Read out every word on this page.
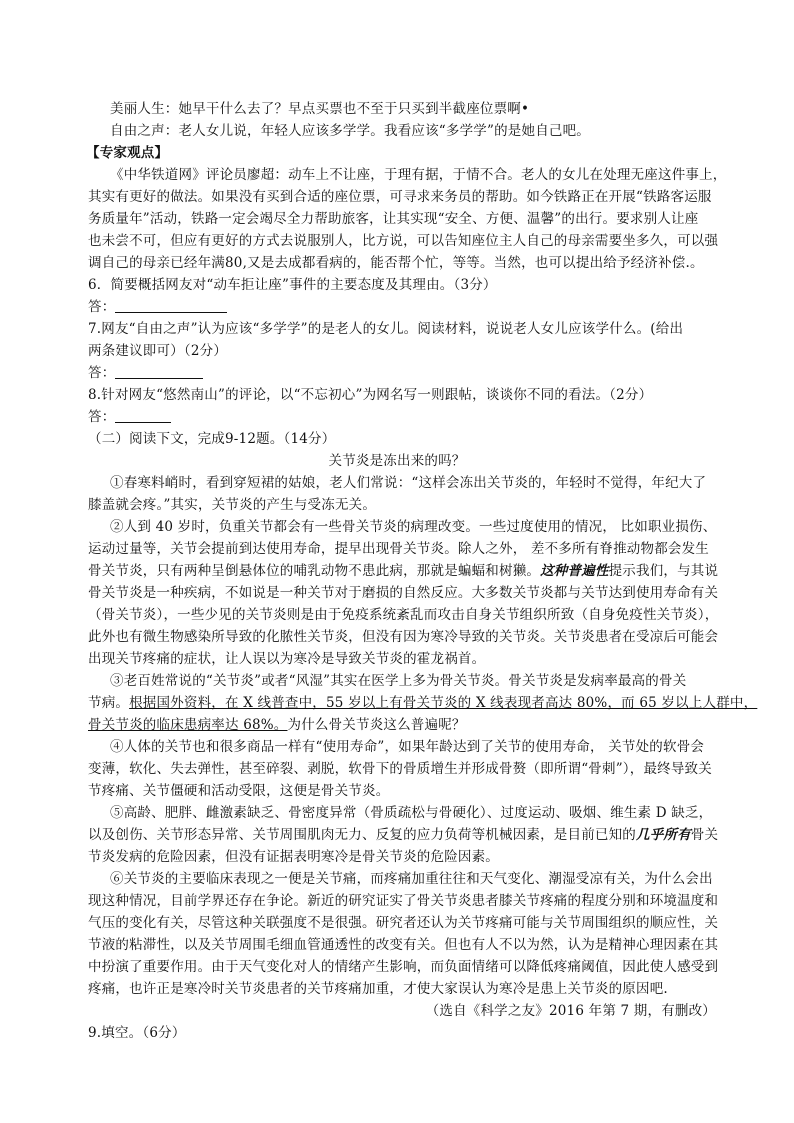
美丽人生：她早干什么去了？早点买票也不至于只买到半截座位票啊•
自由之声：老人女儿说，年轻人应该多学学。我看应该“多学学”的是她自己吧。
【专家观点】
《中华铁道网》评论员廖超：动车上不让座，于理有据，于情不合。老人的女儿在处理无座这件事上，
其实有更好的做法。如果没有买到合适的座位票，可寻求来务员的帮助。如今铁路正在开展“铁路客运服
务质量年”活动，铁路一定会竭尽全力帮助旅客，让其实现“安全、方便、温馨”的出行。要求别人让座
也未尝不可，但应有更好的方式去说服别人，比方说，可以告知座位主人自己的母亲需要坐多久，可以强
调自己的母亲已经年满80,又是去成都看病的，能否帮个忙，等等。当然，也可以提出给予经济补偿.。
6．简要概括网友对“动车拒让座”事件的主要态度及其理由。（3分）
答：
7.网友“自由之声”认为应该“多学学”的是老人的女儿。阅读材料，说说老人女儿应该学什么。(给出
两条建议即可）（2分）
答：
8.针对网友“悠然南山”的评论，以“不忘初心”为网名写一则跟帖，谈谈你不同的看法。（2分）
答：
（二）阅读下文，完成9-12题。（14分）
关节炎是冻出来的吗？
①春寒料峭时，看到穿短裙的姑娘，老人们常说：“这样会冻出关节炎的，年轻时不觉得，年纪大了
膝盖就会疼。”其实，关节炎的产生与受冻无关。
②人到 40 岁时，负重关节都会有一些骨关节炎的病理改变。一些过度使用的情况， 比如职业损伤、
运动过量等，关节会提前到达使用寿命，提早出现骨关节炎。除人之外， 差不多所有脊推动物都会发生
骨关节炎，只有两种呈倒悬体位的哺乳动物不患此病，那就是蝙蝠和树獭。这种普遍性提示我们，与其说
骨关节炎是一种疾病，不如说是一种关节对于磨损的自然反应。大多数关节炎都与关节达到使用寿命有关
（骨关节炎），一些少见的关节炎则是由于免疫系统紊乱而攻击自身关节组织所致（自身免疫性关节炎），
此外也有微生物感染所导致的化脓性关节炎，但没有因为寒冷导致的关节炎。关节炎患者在受凉后可能会
出现关节疼痛的症状，让人误以为寒冷是导致关节炎的霍龙祸首。
③老百姓常说的“关节炎”或者“风湿”其实在医学上多为骨关节炎。骨关节炎是发病率最高的骨关
节病。根据国外资料，在 X 线普查中，55 岁以上有骨关节炎的 X 线表现者高达 80%，而 65 岁以上人群中，
骨关节炎的临床患病率达 68%。为什么骨关节炎这么普遍呢？
④人体的关节也和很多商品一样有“使用寿命”，如果年龄达到了关节的使用寿命， 关节处的软骨会
变薄，软化、失去弹性，甚至碎裂、剥脱，软骨下的骨质增生并形成骨赘（即所谓“骨刺”），最终导致关
节疼痛、关节僵硬和活动受限，这便是骨关节炎。
⑤高龄、肥胖、雌激素缺乏、骨密度异常（骨质疏松与骨硬化）、过度运动、吸烟、维生素 D 缺乏，
以及创伤、关节形态异常、关节周围肌肉无力、反复的应力负荷等机械因素，是目前已知的几乎所有骨关
节炎发病的危险因素，但没有证据表明寒冷是骨关节炎的危险因素。
⑥关节炎的主要临床表现之一便是关节痛，而疼痛加重往往和天气变化、潮湿受凉有关，为什么会出
现这种情况，目前学界还存在争论。新近的研究证实了骨关节炎患者膝关节疼痛的程度分别和环境温度和
气压的变化有关，尽管这种关联强度不是很强。研究者还认为关节疼痛可能与关节周围组织的顺应性，关
节液的粘滞性，以及关节周围毛细血管通透性的改变有关。但也有人不以为然，认为是精神心理因素在其
中扮演了重要作用。由于天气变化对人的情绪产生影响，而负面情绪可以降低疼痛阈值，因此使人感受到
疼痛，也许正是寒冷时关节炎患者的关节疼痛加重，才使大家误认为寒冷是患上关节炎的原因吧.
（选自《科学之友》2016 年第 7 期，有删改）
9.填空。（6分）
